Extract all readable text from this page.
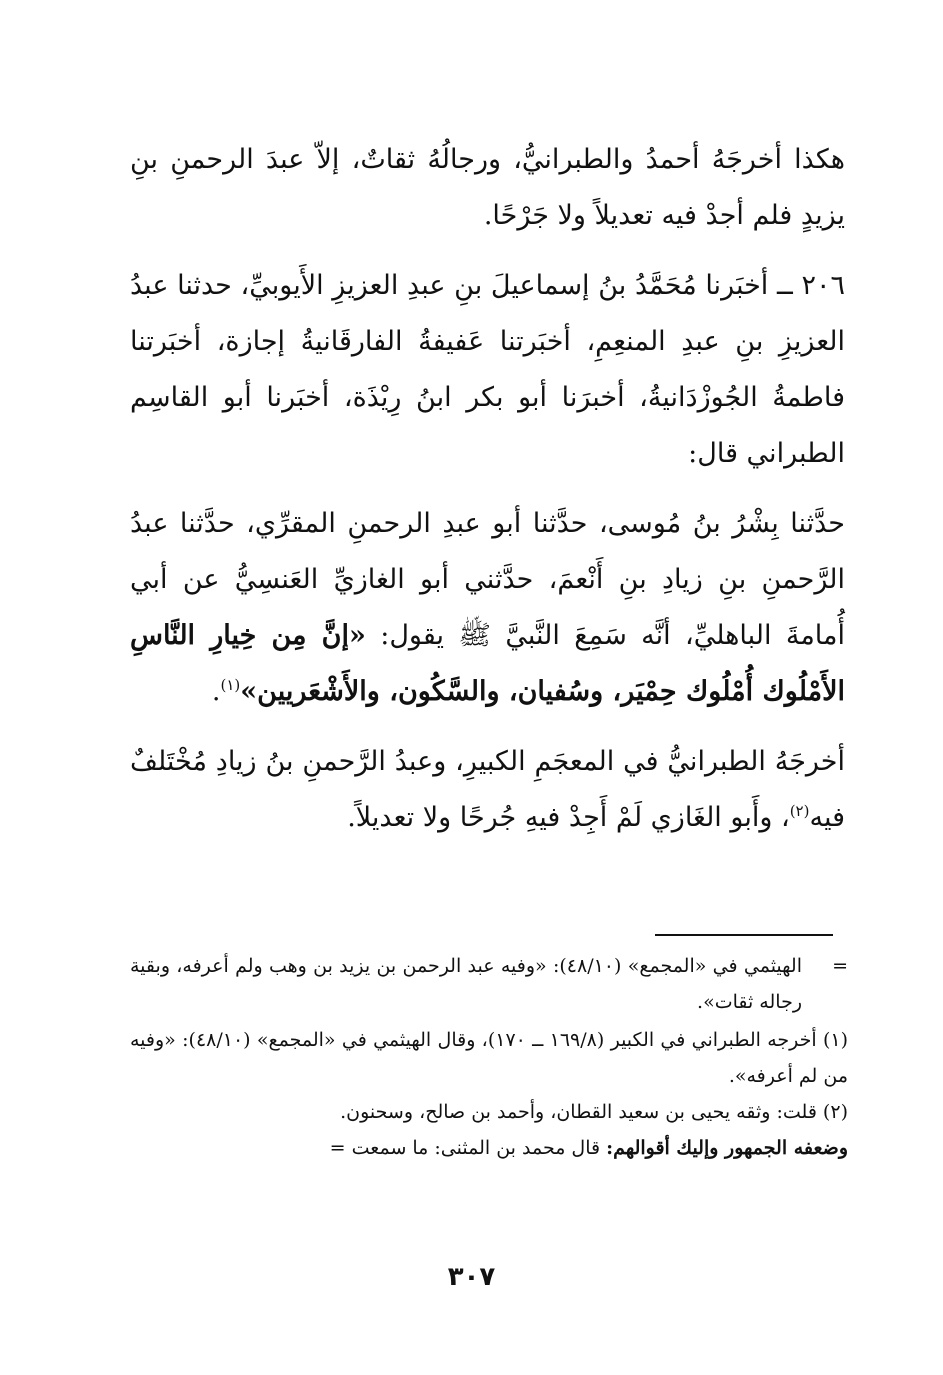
هكذا أخرجَهُ أحمدُ والطبرانيُّ، ورجالُهُ ثقاتٌ، إلاّ عبدَ الرحمنِ بنِ يزيدٍ فلم أجدْ فيه تعديلاً ولا جَرْحًا.

٢٠٦ ــ أخبَرنا مُحَمَّدُ بنُ إسماعيلَ بنِ عبدِ العزيزِ الأَيوبيِّ، حدثنا عبدُ العزيزِ بنِ عبدِ المنعِمِ، أخبَرتنا عَفيفةُ الفارقَانيةُ إجازة، أخبَرتنا فاطمةُ الجُوزْدَانيةُ، أخبرَنا أبو بكر ابنُ رِيْذَة، أخبَرنا أبو القاسِم الطبراني قال:

حدَّثنا بِشْرُ بنُ مُوسى، حدَّثنا أبو عبدِ الرحمنِ المقرِّي، حدَّثنا عبدُ الرَّحمنِ بنِ زيادِ بنِ أَنْعمَ، حدَّثني أبو الغازيِّ العَنسِيُّ عن أبي أُمامةَ الباهليِّ، أنَّه سَمِعَ النَّبيَّ ﷺ يقول: «إنَّ مِن خِيارِ النَّاسِ الأَمْلُوك أُمْلُوك حِمْيَر، وسُفيان، والسَّكُون، والأَشْعَريين»$^{(١)}$.

أخرجَهُ الطبرانيُّ في المعجَمِ الكبيرِ، وعبدُ الرَّحمنِ بنُ زيادِ مُخْتَلفٌ فيه$^{(٢)}$، وأَبو الغَازي لَمْ أَجِدْ فيهِ جُرحًا ولا تعديلاً.

=
الهيثمي في «المجمع» (٤٨/١٠): «وفيه عبد الرحمن بن يزيد بن وهب ولم أعرفه، وبقية رجاله ثقات».

(١) أخرجه الطبراني في الكبير (١٦٩/٨ ــ ١٧٠)، وقال الهيثمي في «المجمع» (٤٨/١٠): «وفيه من لم أعرفه».

(٢) قلت: وثقه يحيى بن سعيد القطان، وأحمد بن صالح، وسحنون.

وضعفه الجمهور وإليك أقوالهم: قال محمد بن المثنى: ما سمعت =

٣٠٧
